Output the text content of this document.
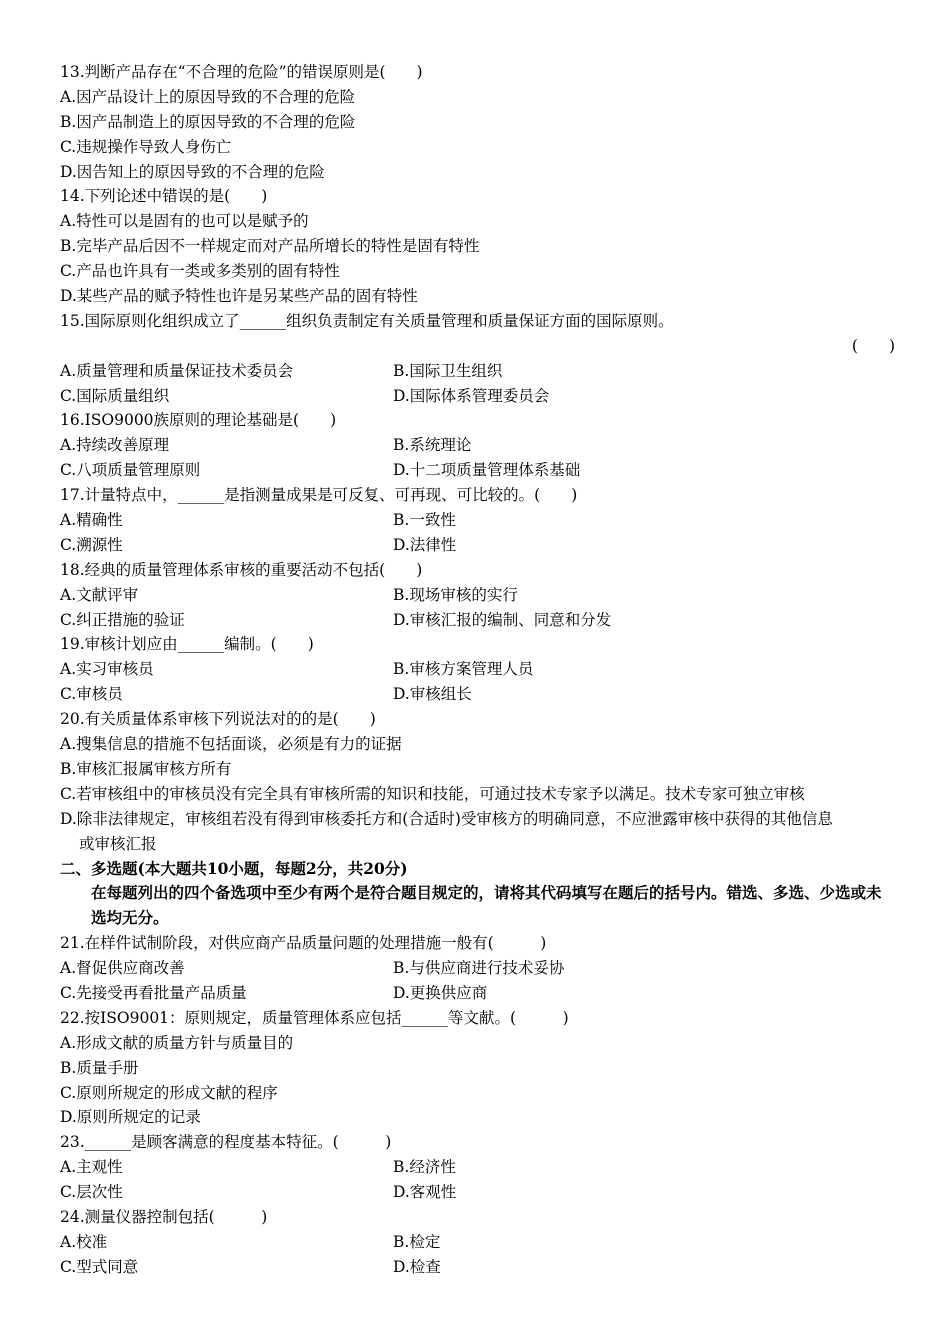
13.判断产品存在“不合理的危险”的错误原则是(　　)
A.因产品设计上的原因导致的不合理的危险
B.因产品制造上的原因导致的不合理的危险
C.违规操作导致人身伤亡
D.因告知上的原因导致的不合理的危险
14.下列论述中错误的是(　　)
A.特性可以是固有的也可以是赋予的
B.完毕产品后因不一样规定而对产品所增长的特性是固有特性
C.产品也许具有一类或多类别的固有特性
D.某些产品的赋予特性也许是另某些产品的固有特性
15.国际原则化组织成立了______组织负责制定有关质量管理和质量保证方面的国际原则。
(　　)
A.质量管理和质量保证技术委员会	B.国际卫生组织
C.国际质量组织	D.国际体系管理委员会
16.ISO9000族原则的理论基础是(　　)
A.持续改善原理	B.系统理论
C.八项质量管理原则	D.十二项质量管理体系基础
17.计量特点中，______是指测量成果是可反复、可再现、可比较的。(　　)
A.精确性	B.一致性
C.溯源性	D.法律性
18.经典的质量管理体系审核的重要活动不包括(　　)
A.文献评审	B.现场审核的实行
C.纠正措施的验证	D.审核汇报的编制、同意和分发
19.审核计划应由______编制。(　　)
A.实习审核员	B.审核方案管理人员
C.审核员	D.审核组长
20.有关质量体系审核下列说法对的的是(　　)
A.搜集信息的措施不包括面谈，必须是有力的证据
B.审核汇报属审核方所有
C.若审核组中的审核员没有完全具有审核所需的知识和技能，可通过技术专家予以满足。技术专家可独立审核
D.除非法律规定，审核组若没有得到审核委托方和(合适时)受审核方的明确同意，不应泄露审核中获得的其他信息
或审核汇报
二、多选题(本大题共10小题，每题2分，共20分)
在每题列出的四个备选项中至少有两个是符合题目规定的，请将其代码填写在题后的括号内。错选、多选、少选或未选均无分。
21.在样件试制阶段，对供应商产品质量问题的处理措施一般有(　　　)
A.督促供应商改善	B.与供应商进行技术妥协
C.先接受再看批量产品质量	D.更换供应商
22.按ISO9001：原则规定，质量管理体系应包括______等文献。(　　　)
A.形成文献的质量方针与质量目的
B.质量手册
C.原则所规定的形成文献的程序
D.原则所规定的记录
23.______是顾客满意的程度基本特征。(　　　)
A.主观性	B.经济性
C.层次性	D.客观性
24.测量仪器控制包括(　　　)
A.校准	B.检定
C.型式同意	D.检查
